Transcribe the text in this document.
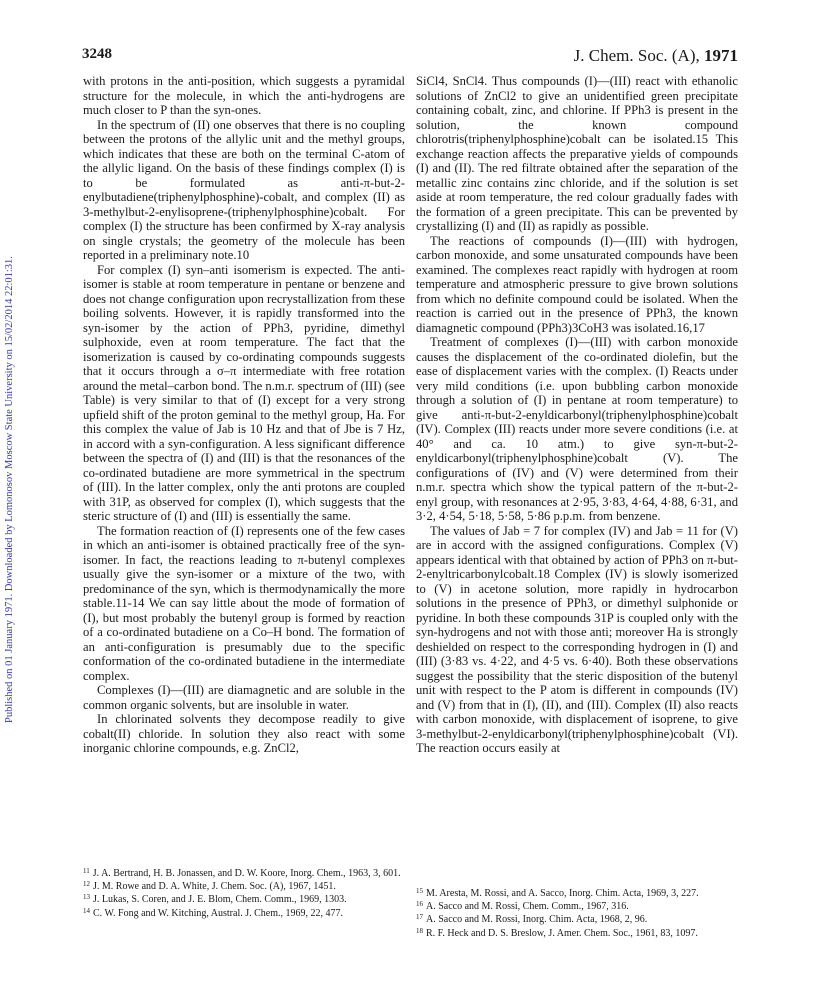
Published on 01 January 1971. Downloaded by Lomonosov Moscow State University on 15/02/2014 22:01:31.
3248	J. Chem. Soc. (A), 1971

with protons in the anti-position, which suggests a pyramidal structure for the molecule, in which the anti-hydrogens are much closer to P than the syn-ones.

In the spectrum of (II) one observes that there is no coupling between the protons of the allylic unit and the methyl groups, which indicates that these are both on the terminal C-atom of the allylic ligand. On the basis of these findings complex (I) is to be formulated as anti-π-but-2-enylbutadiene(triphenylphosphine)-cobalt, and complex (II) as 3-methylbut-2-enylisoprene-(triphenylphosphine)cobalt. For complex (I) the structure has been confirmed by X-ray analysis on single crystals; the geometry of the molecule has been reported in a preliminary note.10

For complex (I) syn–anti isomerism is expected. The anti-isomer is stable at room temperature in pentane or benzene and does not change configuration upon recrystallization from these boiling solvents. However, it is rapidly transformed into the syn-isomer by the action of PPh3, pyridine, dimethyl sulphoxide, even at room temperature. The fact that the isomerization is caused by co-ordinating compounds suggests that it occurs through a σ–π intermediate with free rotation around the metal–carbon bond. The n.m.r. spectrum of (III) (see Table) is very similar to that of (I) except for a very strong upfield shift of the proton geminal to the methyl group, Ha. For this complex the value of Jab is 10 Hz and that of Jbe is 7 Hz, in accord with a syn-configuration. A less significant difference between the spectra of (I) and (III) is that the resonances of the co-ordinated butadiene are more symmetrical in the spectrum of (III). In the latter complex, only the anti protons are coupled with 31P, as observed for complex (I), which suggests that the steric structure of (I) and (III) is essentially the same.

The formation reaction of (I) represents one of the few cases in which an anti-isomer is obtained practically free of the syn-isomer. In fact, the reactions leading to π-butenyl complexes usually give the syn-isomer or a mixture of the two, with predominance of the syn, which is thermodynamically the more stable.11-14 We can say little about the mode of formation of (I), but most probably the butenyl group is formed by reaction of a co-ordinated butadiene on a Co–H bond. The formation of an anti-configuration is presumably due to the specific conformation of the co-ordinated butadiene in the intermediate complex.

Complexes (I)—(III) are diamagnetic and are soluble in the common organic solvents, but are insoluble in water.

In chlorinated solvents they decompose readily to give cobalt(II) chloride. In solution they also react with some inorganic chlorine compounds, e.g. ZnCl2,

SiCl4, SnCl4. Thus compounds (I)—(III) react with ethanolic solutions of ZnCl2 to give an unidentified green precipitate containing cobalt, zinc, and chlorine. If PPh3 is present in the solution, the known compound chlorotris(triphenylphosphine)cobalt can be isolated.15 This exchange reaction affects the preparative yields of compounds (I) and (II). The red filtrate obtained after the separation of the metallic zinc contains zinc chloride, and if the solution is set aside at room temperature, the red colour gradually fades with the formation of a green precipitate. This can be prevented by crystallizing (I) and (II) as rapidly as possible.

The reactions of compounds (I)—(III) with hydrogen, carbon monoxide, and some unsaturated compounds have been examined. The complexes react rapidly with hydrogen at room temperature and atmospheric pressure to give brown solutions from which no definite compound could be isolated. When the reaction is carried out in the presence of PPh3, the known diamagnetic compound (PPh3)3CoH3 was isolated.16,17

Treatment of complexes (I)—(III) with carbon monoxide causes the displacement of the co-ordinated diolefin, but the ease of displacement varies with the complex. (I) Reacts under very mild conditions (i.e. upon bubbling carbon monoxide through a solution of (I) in pentane at room temperature) to give anti-π-but-2-enyldicarbonyl(triphenylphosphine)cobalt (IV). Complex (III) reacts under more severe conditions (i.e. at 40° and ca. 10 atm.) to give syn-π-but-2-enyldicarbonyl(triphenylphosphine)cobalt (V). The configurations of (IV) and (V) were determined from their n.m.r. spectra which show the typical pattern of the π-but-2-enyl group, with resonances at 2·95, 3·83, 4·64, 4·88, 6·31, and 3·2, 4·54, 5·18, 5·58, 5·86 p.p.m. from benzene.

The values of Jab = 7 for complex (IV) and Jab = 11 for (V) are in accord with the assigned configurations. Complex (V) appears identical with that obtained by action of PPh3 on π-but-2-enyltricarbonylcobalt.18 Complex (IV) is slowly isomerized to (V) in acetone solution, more rapidly in hydrocarbon solutions in the presence of PPh3, or dimethyl sulphonide or pyridine. In both these compounds 31P is coupled only with the syn-hydrogens and not with those anti; moreover Ha is strongly deshielded on respect to the corresponding hydrogen in (I) and (III) (3·83 vs. 4·22, and 4·5 vs. 6·40). Both these observations suggest the possibility that the steric disposition of the butenyl unit with respect to the P atom is different in compounds (IV) and (V) from that in (I), (II), and (III). Complex (II) also reacts with carbon monoxide, with displacement of isoprene, to give 3-methylbut-2-enyldicarbonyl(triphenylphosphine)cobalt (VI). The reaction occurs easily at

$^{11}$ J. A. Bertrand, H. B. Jonassen, and D. W. Koore, Inorg. Chem., 1963, 3, 601.

$^{12}$ J. M. Rowe and D. A. White, J. Chem. Soc. (A), 1967, 1451.

$^{13}$ J. Lukas, S. Coren, and J. E. Blom, Chem. Comm., 1969, 1303.

$^{14}$ C. W. Fong and W. Kitching, Austral. J. Chem., 1969, 22, 477.

$^{15}$ M. Aresta, M. Rossi, and A. Sacco, Inorg. Chim. Acta, 1969, 3, 227.

$^{16}$ A. Sacco and M. Rossi, Chem. Comm., 1967, 316.

$^{17}$ A. Sacco and M. Rossi, Inorg. Chim. Acta, 1968, 2, 96.

$^{18}$ R. F. Heck and D. S. Breslow, J. Amer. Chem. Soc., 1961, 83, 1097.
